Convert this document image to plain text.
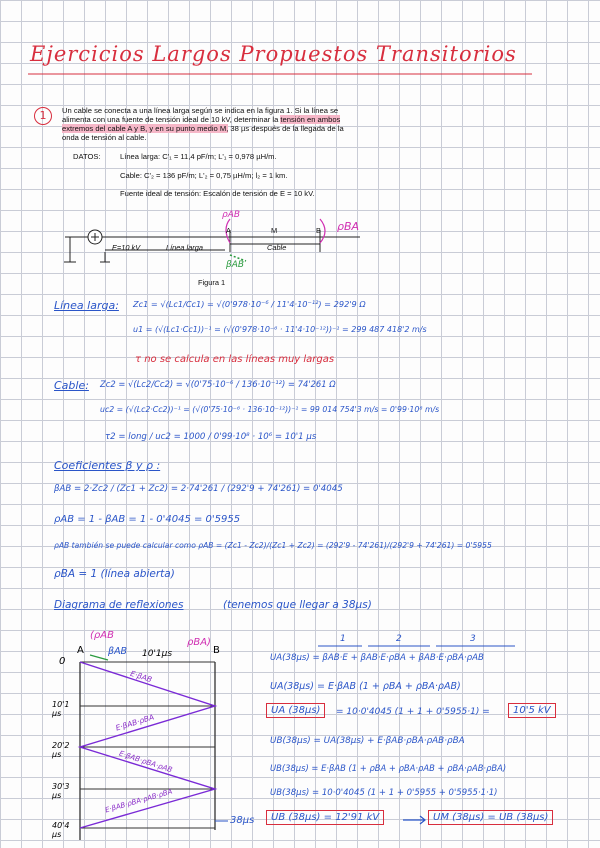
Ejercicios Largos Propuestos Transitorios
1	Un cable se conecta a una línea larga según se indica en la figura 1. Si la línea se alimenta con una fuente de tensión ideal de 10 kV, determinar la tensión en ambos extremos del cable A y B, y en su punto medio M, 38 µs después de la llegada de la onda de tensión al cable.
DATOS:	Línea larga: C'₁ = 11,4 pF/m; L'₁ = 0,978 µH/m.
Cable: C'₂ = 136 pF/m; L'₂ = 0,75 µH/m; l₂ = 1 km.
Fuente ideal de tensión: Escalón de tensión de E = 10 kV.
E=10 kV	Línea larga	Cable
A	M	B
ρAB
ρBA
βAB
Figura 1
Línea larga: Zc1 = √(Lc1/Cc1) = √(0'978·10⁻⁶ / 11'4·10⁻¹²) = 292'9 Ω
u1 = (√(Lc1·Cc1))⁻¹ = (√(0'978·10⁻⁶ · 11'4·10⁻¹²))⁻¹ = 299 487 418'2 m/s
τ no se calcula en las líneas muy largas
Cable: Zc2 = √(Lc2/Cc2) = √(0'75·10⁻⁶ / 136·10⁻¹²) = 74'261 Ω
uc2 = (√(Lc2·Cc2))⁻¹ = (√(0'75·10⁻⁶ · 136·10⁻¹²))⁻¹ = 99 014 754'3 m/s = 0'99·10⁸ m/s
τ2 = long / uc2 = 1000 / 0'99·10⁸ · 10⁶ = 10'1 µs
Coeficientes β y ρ :
βAB = 2·Zc2 / (Zc1 + Zc2) = 2·74'261 / (292'9 + 74'261) = 0'4045
ρAB = 1 - βAB = 1 - 0'4045 = 0'5955
ρAB también se puede calcular como ρAB = (Zc1 - Zc2)/(Zc1 + Zc2) = (292'9 - 74'261)/(292'9 + 74'261) = 0'5955
ρBA = 1 (línea abierta)
Diagrama de reflexiones	(tenemos que llegar a 38µs)
(ρAB
βAB
ρBA)
A	B
10'1µs
0
10'1 µs
20'2 µs
30'3 µs
40'4 µs
38µs
E·βAB
E·βAB·ρBA
E·βAB·ρBA·ρAB
E·βAB·ρBA·ρAB·ρBA
1	2	3
UA(38µs) = βAB·E + βAB·E·ρBA + βAB·E·ρBA·ρAB
UA(38µs) = E·βAB (1 + ρBA + ρBA·ρAB)
UA (38µs)	= 10·0'4045 (1 + 1 + 0'5955·1) =	10'5 kV
UB(38µs) = UA(38µs) + E·βAB·ρBA·ρAB·ρBA
UB(38µs) = E·βAB (1 + ρBA + ρBA·ρAB + ρBA·ρAB·ρBA)
UB(38µs) = 10·0'4045 (1 + 1 + 0'5955 + 0'5955·1·1)
UB (38µs) = 12'91 kV	UM (38µs) = UB (38µs)
